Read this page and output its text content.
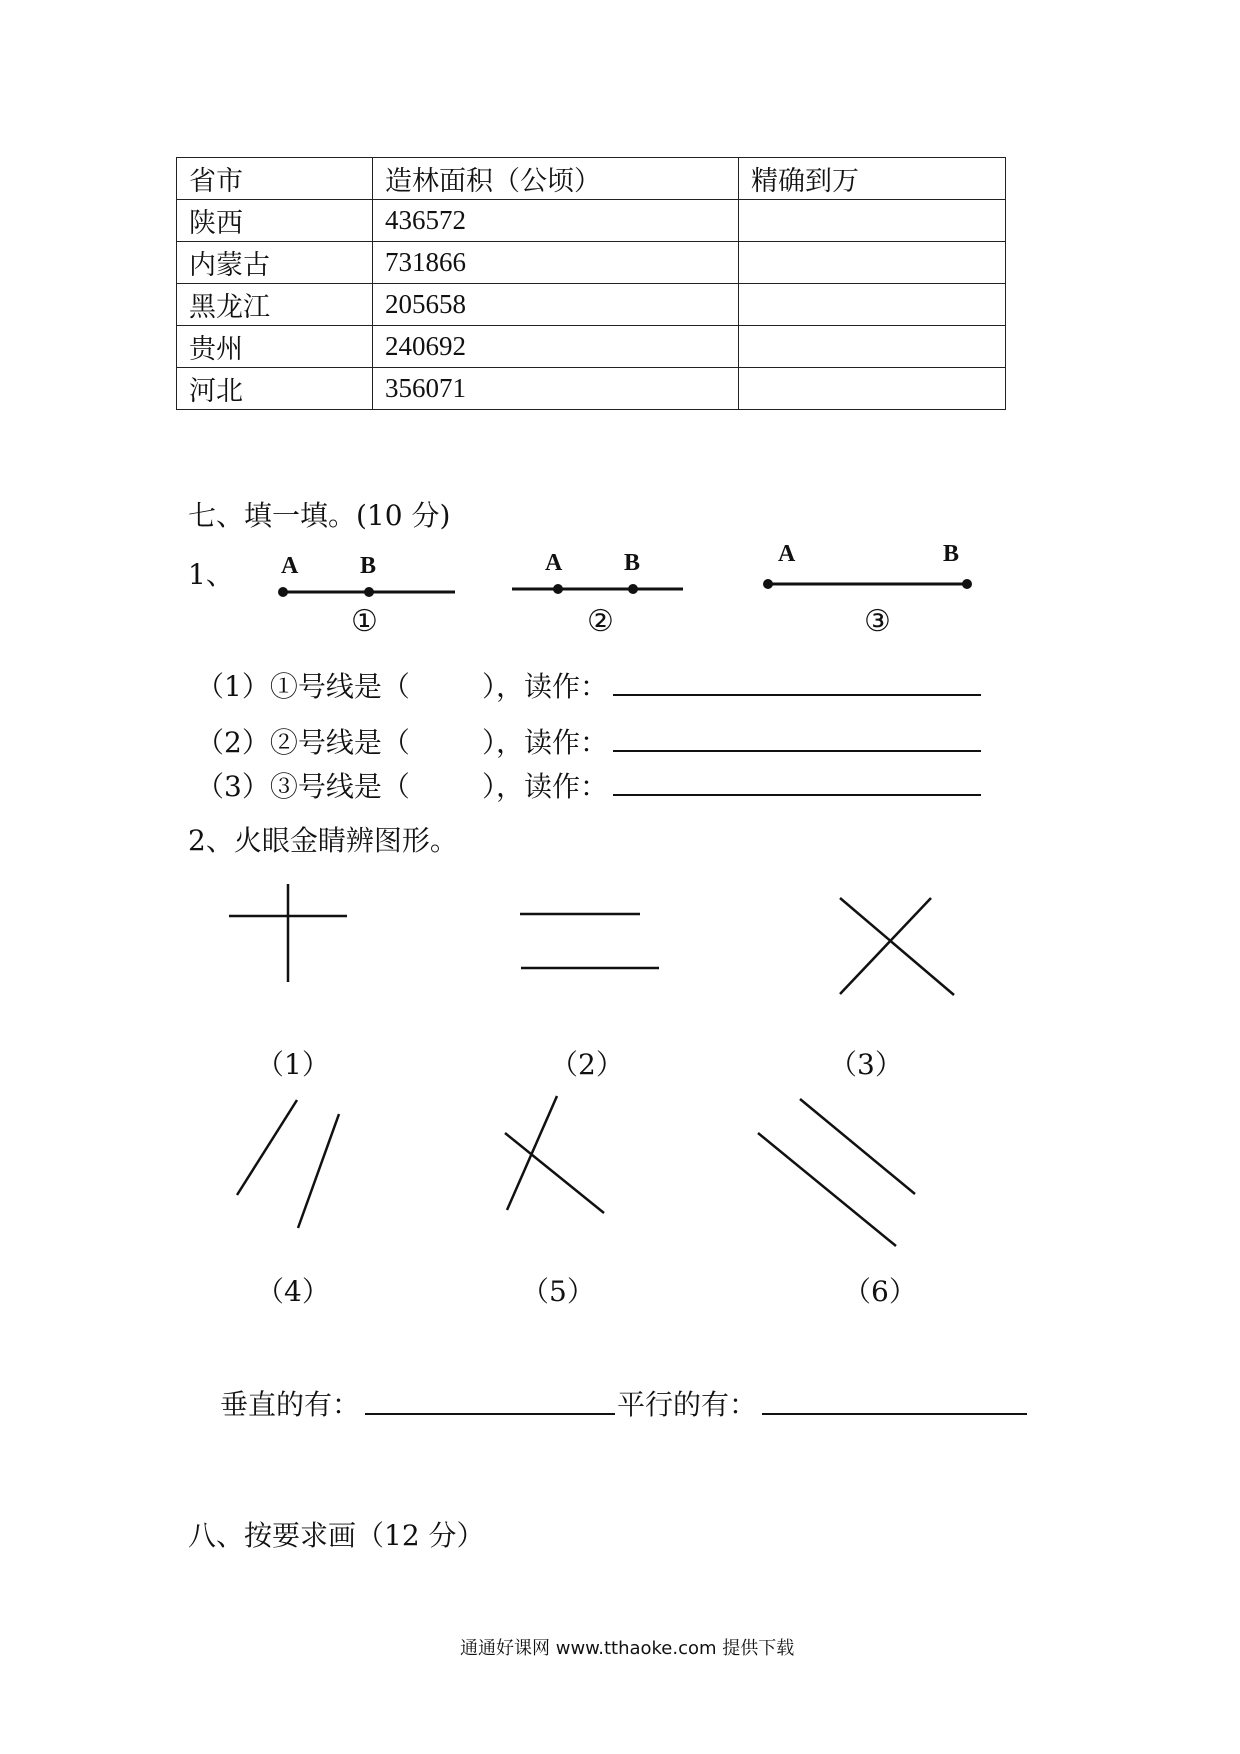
省市	造林面积（公顷）	精确到万
陕西	436572	
内蒙古	731866	
黑龙江	205658	
贵州	240692	
河北	356071	
七、填一填。(10 分)
1、 A	B	A	B	A	B
①	②	③
（1）①号线是（	），读作：
（2）②号线是（	），读作：
（3）③号线是（	），读作：
2、火眼金睛辨图形。
（1）	（2）	（3）
（4）	（5）	（6）
垂直的有：	平行的有：
八、按要求画（12 分）
通通好课网 www.tthaoke.com 提供下载
